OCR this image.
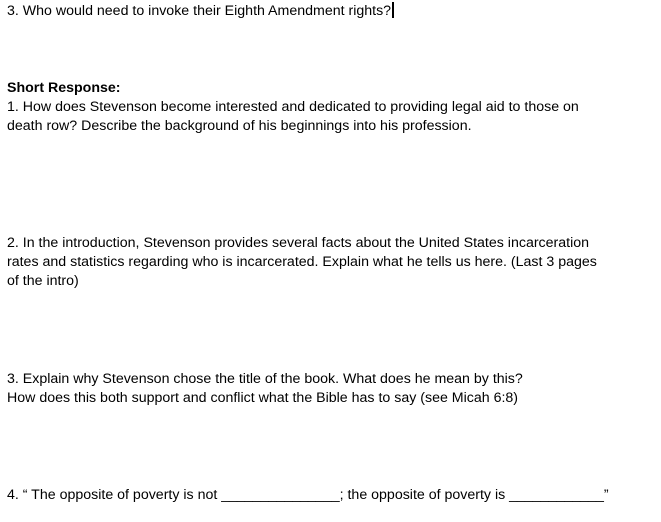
3. Who would need to invoke their Eighth Amendment rights?
Short Response:
1. How does Stevenson become interested and dedicated to providing legal aid to those on
death row? Describe the background of his beginnings into his profession.
2. In the introduction, Stevenson provides several facts about the United States incarceration
rates and statistics regarding who is incarcerated. Explain what he tells us here. (Last 3 pages
of the intro)
3. Explain why Stevenson chose the title of the book. What does he mean by this?
How does this both support and conflict what the Bible has to say (see Micah 6:8)
4. “ The opposite of poverty is not _______________; the opposite of poverty is ____________”
